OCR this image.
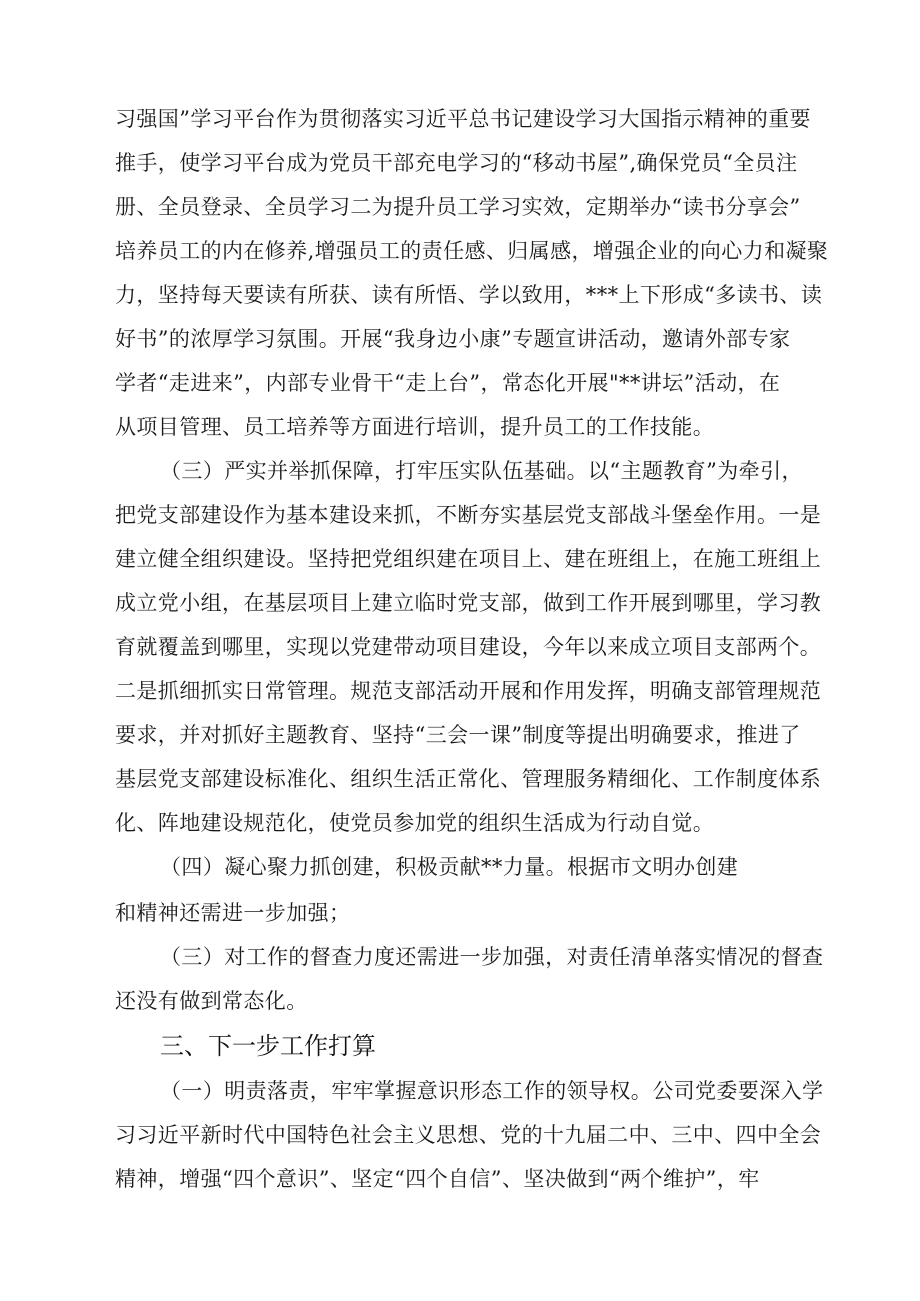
习强国”学习平台作为贯彻落实习近平总书记建设学习大国指示精神的重要
推手，使学习平台成为党员干部充电学习的“移动书屋”,确保党员“全员注
册、全员登录、全员学习二为提升员工学习实效，定期举办“读书分享会”
培养员工的内在修养,增强员工的责任感、归属感，增强企业的向心力和凝聚
力，坚持每天要读有所获、读有所悟、学以致用，***上下形成“多读书、读
好书”的浓厚学习氛围。开展“我身边小康”专题宣讲活动，邀请外部专家
学者“走进来”，内部专业骨干“走上台”，常态化开展"**讲坛”活动，在
从项目管理、员工培养等方面进行培训，提升员工的工作技能。
（三）严实并举抓保障，打牢压实队伍基础。以“主题教育”为牵引，
把党支部建设作为基本建设来抓，不断夯实基层党支部战斗堡垒作用。一是
建立健全组织建设。坚持把党组织建在项目上、建在班组上，在施工班组上
成立党小组，在基层项目上建立临时党支部，做到工作开展到哪里，学习教
育就覆盖到哪里，实现以党建带动项目建设，今年以来成立项目支部两个。
二是抓细抓实日常管理。规范支部活动开展和作用发挥，明确支部管理规范
要求，并对抓好主题教育、坚持“三会一课”制度等提出明确要求，推进了
基层党支部建设标准化、组织生活正常化、管理服务精细化、工作制度体系
化、阵地建设规范化，使党员参加党的组织生活成为行动自觉。
（四）凝心聚力抓创建，积极贡献**力量。根据市文明办创建
和精神还需进一步加强；
（三）对工作的督查力度还需进一步加强，对责任清单落实情况的督查
还没有做到常态化。
三、下一步工作打算
（一）明责落责，牢牢掌握意识形态工作的领导权。公司党委要深入学
习习近平新时代中国特色社会主义思想、党的十九届二中、三中、四中全会
精神，增强“四个意识”、坚定“四个自信”、坚决做到“两个维护”，牢
